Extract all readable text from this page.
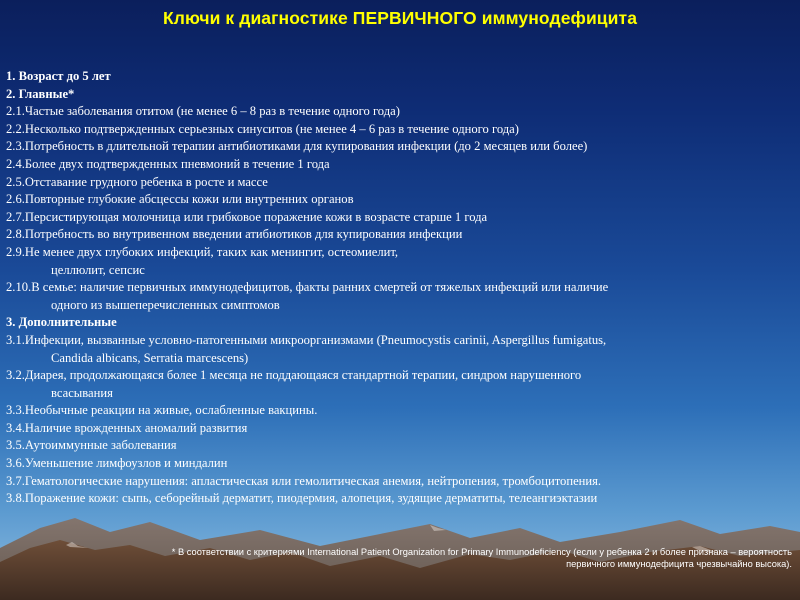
Ключи к диагностике ПЕРВИЧНОГО иммунодефицита
1. Возраст до 5 лет
2. Главные*
2.1.Частые заболевания отитом (не менее 6 – 8 раз в течение одного года)
2.2.Несколько подтвержденных серьезных синуситов (не менее 4 – 6 раз в течение одного года)
2.3.Потребность в длительной терапии антибиотиками для купирования инфекции (до 2 месяцев или более)
2.4.Более двух подтвержденных пневмоний в течение 1 года
2.5.Отставание грудного ребенка в росте и массе
2.6.Повторные глубокие абсцессы кожи или внутренних органов
2.7.Персистирующая молочница или грибковое поражение кожи в возрасте старше 1 года
2.8.Потребность во внутривенном введении атибиотиков для купирования инфекции
2.9.Не менее двух глубоких инфекций, таких как менингит, остеомиелит,
целлюлит, сепсис
2.10.В семье: наличие первичных иммунодефицитов, факты ранних смертей от тяжелых инфекций или наличие
одного из вышеперечисленных симптомов
3. Дополнительные
3.1.Инфекции, вызванные условно-патогенными микроорганизмами (Pneumocystis carinii, Aspergillus fumigatus,
Candida albicans, Serratia marcescens)
3.2.Диарея, продолжающаяся более 1 месяца не поддающаяся стандартной терапии, синдром нарушенного
всасывания
3.3.Необычные реакции на живые, ослабленные вакцины.
3.4.Наличие врожденных аномалий развития
3.5.Аутоиммунные заболевания
3.6.Уменьшение лимфоузлов и миндалин
3.7.Гематологические нарушения: апластическая или гемолитическая анемия, нейтропения, тромбоцитопения.
3.8.Поражение кожи: сыпь, себорейный дерматит, пиодермия, алопеция, зудящие дерматиты, телеангиэктазии
* В соответствии с критериями International Patient Organization for Primary Immunodeficiency (если у ребенка 2 и более признака – вероятность
первичного иммунодефицита чрезвычайно высока).
